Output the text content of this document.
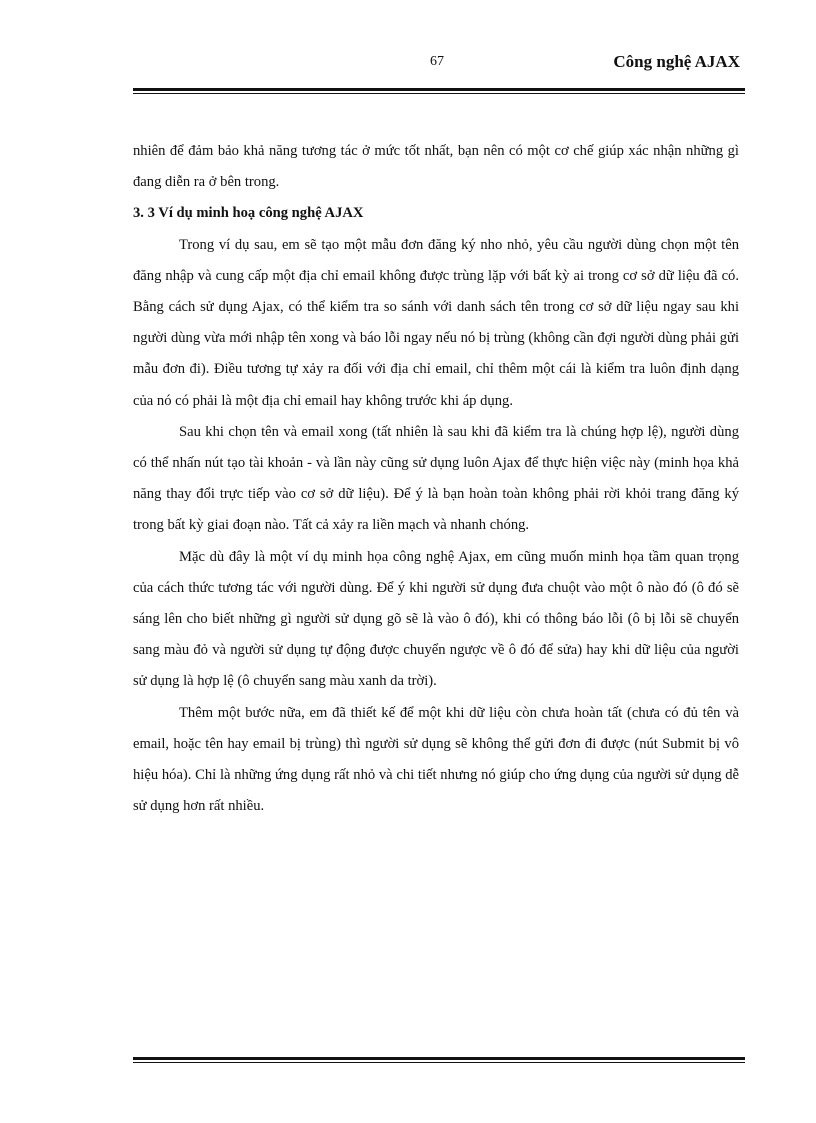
67	Công nghệ AJAX

nhiên để đảm bảo khả năng tương tác ở mức tốt nhất, bạn nên có một cơ chế giúp xác nhận những gì đang diễn ra ở bên trong.

3. 3 Ví dụ minh hoạ công nghệ AJAX

Trong ví dụ sau, em sẽ tạo một mẫu đơn đăng ký nho nhỏ, yêu cầu người dùng chọn một tên đăng nhập và cung cấp một địa chỉ email không được trùng lặp với bất kỳ ai trong cơ sở dữ liệu đã có. Bằng cách sử dụng Ajax, có thể kiểm tra so sánh với danh sách tên trong cơ sở dữ liệu ngay sau khi người dùng vừa mới nhập tên xong và báo lỗi ngay nếu nó bị trùng (không cần đợi người dùng phải gửi mẫu đơn đi). Điều tương tự xảy ra đối với địa chỉ email, chỉ thêm một cái là kiểm tra luôn định dạng của nó có phải là một địa chỉ email hay không trước khi áp dụng.

Sau khi chọn tên và email xong (tất nhiên là sau khi đã kiểm tra là chúng hợp lệ), người dùng có thể nhấn nút tạo tài khoản - và lần này cũng sử dụng luôn Ajax để thực hiện việc này (minh họa khả năng thay đổi trực tiếp vào cơ sở dữ liệu). Để ý là bạn hoàn toàn không phải rời khỏi trang đăng ký trong bất kỳ giai đoạn nào. Tất cả xảy ra liền mạch và nhanh chóng.

Mặc dù đây là một ví dụ minh họa công nghệ Ajax, em cũng muốn minh họa tầm quan trọng của cách thức tương tác với người dùng. Để ý khi người sử dụng đưa chuột vào một ô nào đó (ô đó sẽ sáng lên cho biết những gì người sử dụng gõ sẽ là vào ô đó), khi có thông báo lỗi (ô bị lỗi sẽ chuyển sang màu đỏ và người sử dụng tự động được chuyển ngược về ô đó để sửa) hay khi dữ liệu của người sử dụng là hợp lệ (ô chuyển sang màu xanh da trời).

Thêm một bước nữa, em đã thiết kế để một khi dữ liệu còn chưa hoàn tất (chưa có đủ tên và email, hoặc tên hay email bị trùng) thì người sử dụng sẽ không thể gửi đơn đi được (nút Submit bị vô hiệu hóa). Chỉ là những ứng dụng rất nhỏ và chi tiết nhưng nó giúp cho ứng dụng của người sử dụng dễ sử dụng hơn rất nhiều.
